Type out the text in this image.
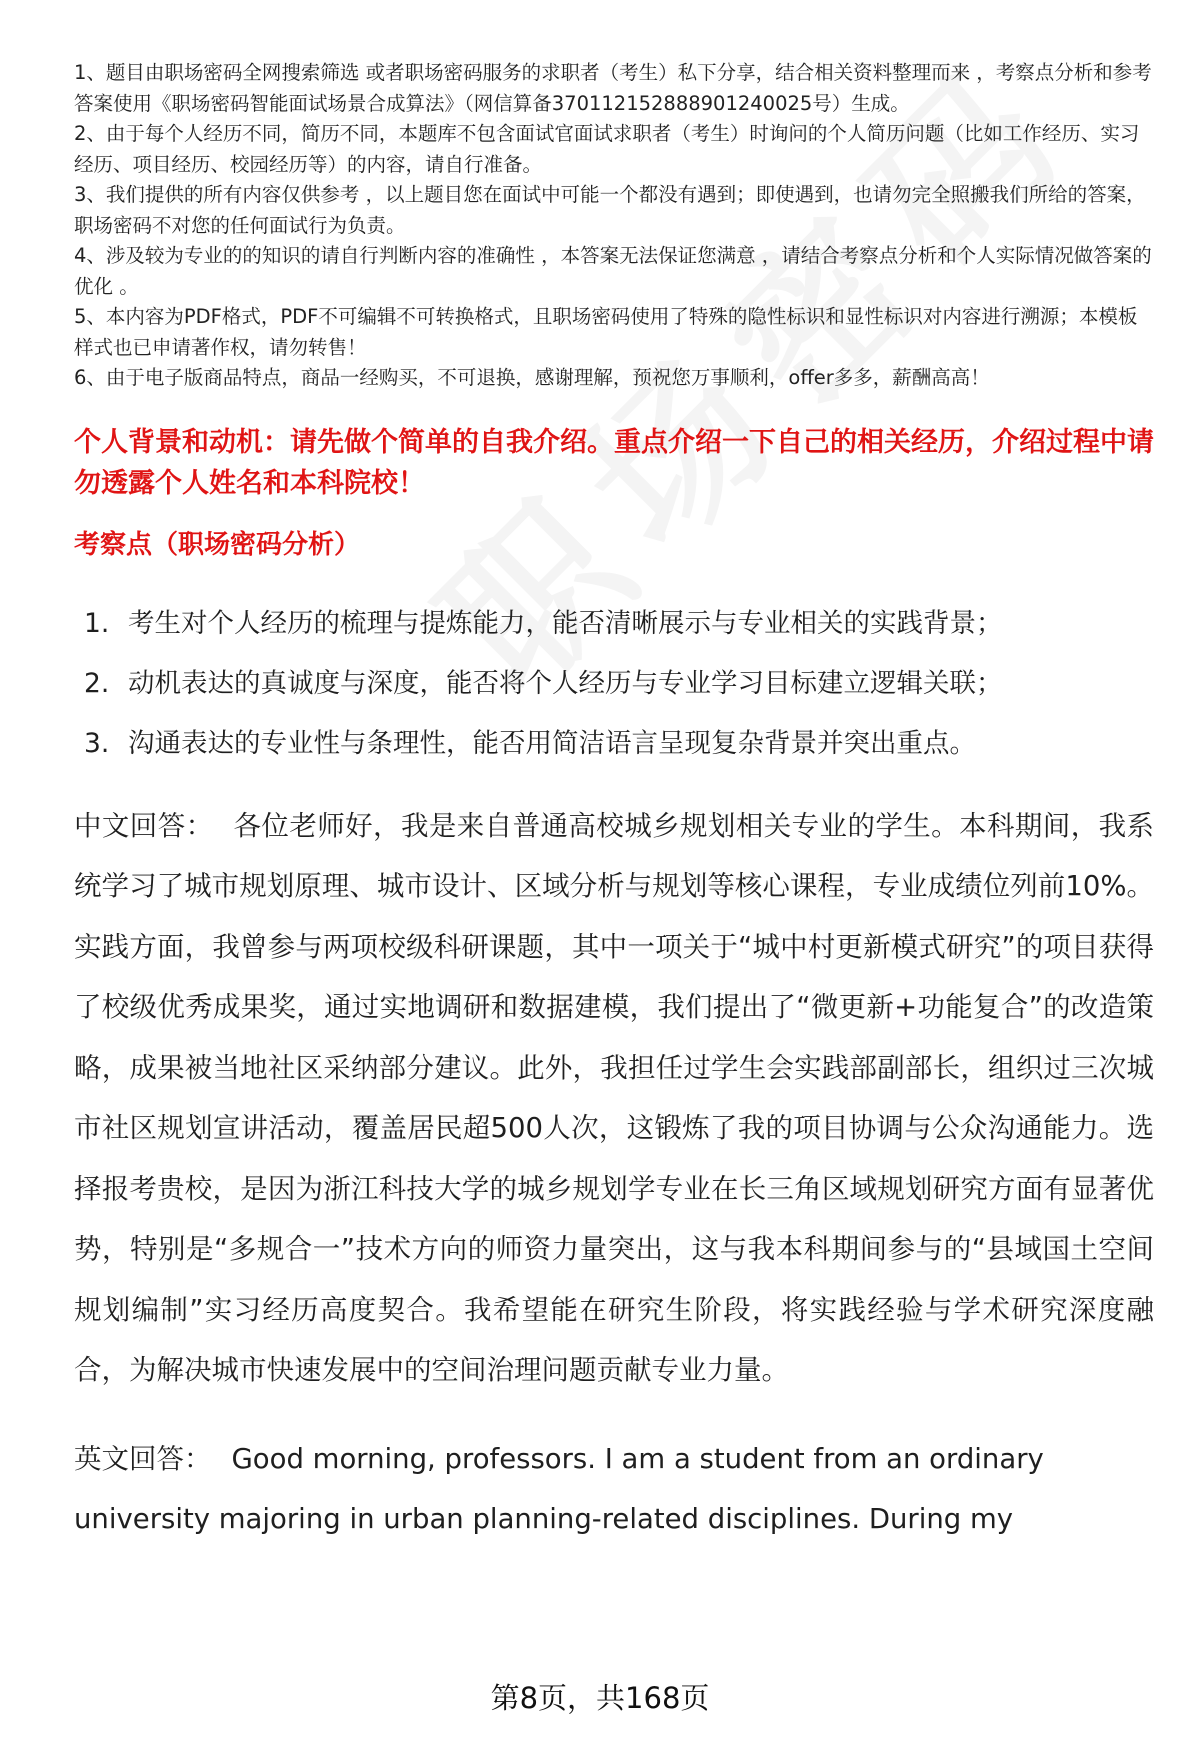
1、题目由职场密码全网搜索筛选 或者职场密码服务的求职者（考生）私下分享，结合相关资料整理而来 ，考察点分析和参考答案使用《职场密码智能面试场景合成算法》（网信算备370112152888901240025号）生成。

2、由于每个人经历不同，简历不同，本题库不包含面试官面试求职者（考生）时询问的个人简历问题（比如工作经历、实习经历、项目经历、校园经历等）的内容，请自行准备。

3、我们提供的所有内容仅供参考 ，以上题目您在面试中可能一个都没有遇到；即使遇到，也请勿完全照搬我们所给的答案，职场密码不对您的任何面试行为负责。

4、涉及较为专业的的知识的请自行判断内容的准确性 ，本答案无法保证您满意 ，请结合考察点分析和个人实际情况做答案的优化 。

5、本内容为PDF格式，PDF不可编辑不可转换格式，且职场密码使用了特殊的隐性标识和显性标识对内容进行溯源；本模板样式也已申请著作权，请勿转售！

6、由于电子版商品特点，商品一经购买，不可退换，感谢理解，预祝您万事顺利，offer多多，薪酬高高！

个人背景和动机：请先做个简单的自我介绍。重点介绍一下自己的相关经历，介绍过程中请勿透露个人姓名和本科院校！
考察点（职场密码分析）
1. 考生对个人经历的梳理与提炼能力，能否清晰展示与专业相关的实践背景；
2. 动机表达的真诚度与深度，能否将个人经历与专业学习目标建立逻辑关联；
3. 沟通表达的专业性与条理性，能否用简洁语言呈现复杂背景并突出重点。

中文回答： 各位老师好，我是来自普通高校城乡规划相关专业的学生。本科期间，我系统学习了城市规划原理、城市设计、区域分析与规划等核心课程，专业成绩位列前10%。实践方面，我曾参与两项校级科研课题，其中一项关于“城中村更新模式研究”的项目获得了校级优秀成果奖，通过实地调研和数据建模，我们提出了“微更新+功能复合”的改造策略，成果被当地社区采纳部分建议。此外，我担任过学生会实践部副部长，组织过三次城市社区规划宣讲活动，覆盖居民超500人次，这锻炼了我的项目协调与公众沟通能力。选择报考贵校，是因为浙江科技大学的城乡规划学专业在长三角区域规划研究方面有显著优势，特别是“多规合一”技术方向的师资力量突出，这与我本科期间参与的“县域国土空间规划编制”实习经历高度契合。我希望能在研究生阶段，将实践经验与学术研究深度融合，为解决城市快速发展中的空间治理问题贡献专业力量。

英文回答： Good morning, professors. I am a student from an ordinary university majoring in urban planning-related disciplines. During my

第8页，共168页
